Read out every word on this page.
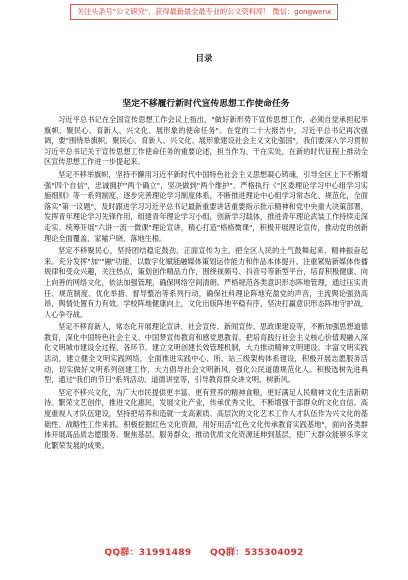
关注头条号"公文研究"，获得最新最全最专业的公文资料库！ 微信：gongwenx
目录
坚定不移履行新时代宣传思想工作使命任务

习近平总书记在全国宣传思想工作会议上指出，"做好新形势下宣传思想工作，必须自觉承担起举旗帜、聚民心、育新人、兴文化、展形象的使命任务"。在党的二十大报告中，习近平总书记再次强调，要"围绕举旗帜、聚民心、育新人、兴文化、展形象建设社会主义文化强国"，我们要深入学习贯彻习近平总书记关于宣传思想工作使命任务的重要论述，担当作为、干在实处，在新的时代征程上推动全区宣传思想工作进一步提起来。

坚定不移举旗帜，坚持不懈用习近平新时代中国特色社会主义思想凝心铸魂，引导全区上下不断增强"四个自信"，忠诚拥护"两个确立"，坚决做到"两个维护"。严格执行《"区委理论学习中心组学习实施细则》等一系列制度，逐步完善理论学习制度体系，不断推进理论中心组学习常态化、规范化，全面落实"第一议题"，及时跟进学习习近平总书记最新重要讲话重要指示批示精神和党中央重大决策部署，发挥青年理论学习先锋作用，组建青年理论学习小组，创新学习载体，推进青年理论武装工作持续走深走实。统筹开展"六讲一流一微课"理论宣讲，精心打造"格格微课"，积极开展理论宣传，推动党的创新理论全面覆盖、家喻户晓、落地生根。

坚定不移聚民心，坚持团结稳定鼓劲、正面宣传为主，把全区人民的士气鼓舞起来、精神振奋起来。充分发挥"加""融"功能，以数字化赋能融媒体策划运作能力和作品本体提升。注重紧贴新媒体传播规律和受众兴趣，关注热点，策划创作精品力作，围绕视频号、抖音号等新型平台，培育积极健康、向上向善的网络文化，依法加强管理，确保网络空间清朗。严格规范各类意识形态阵地管理，通过压实责任、规范制度、优化举措、督导整治等系列行动，确保社科理论阵地充盈党的声音，主流舆论强劲高昂，舆情处置有力有效。学校阵地健康向上，文化出版阵地平稳有序，坚决打赢意识形态阵地守护战，人心争夺战。

坚定不移育新人，常态化开展理论宣讲、社会宣传、新闻宣传、思政课建设等，不断加强思想道德教育，深化中国特色社会主义、中国梦宣传教育和感党恩教育。把培育践行社会主义核心价值观融入深化文明城市建设全过程、各环节。建立文明创建长效管理机制，大力推动精神文明建设。丰富文明实践活动，建立健全文明实践网络，全面推进实践中心、所、站三级架构体系建设，积极开展志愿服务活动，切实做好文明系列创建工作，大力倡导社会文明新风、强化公民道德规范化人。积极选树先进典型，通过"我们的节日"系列活动、道德讲堂等，引导教育群众讲文明、树新风。

坚定不移兴文化，为广大市民提供更丰富、更有营养的精神食粮，更好满足人民精神文化生活新期待。繁荣文艺创作，推进文化惠民，发展文化产业，传承优秀文化，不断增强干部群众的文化自信。高度重视人才队伍建设，坚持把培养和造就一支高素质、高层次的文化艺术工作人才队伍作为兴文化的基础性、战略性工作来抓。积极挖掘红色文化资源，用好用活"红色文化传承教育实践基地"，面向各类群体开展高品质志愿服务。聚焦基层、服务群众，推动优质文化资源延伸到基层，使广大群众能够乐享文化繁荣发展的成果。

QQ群：31991489　　QQ群：535304092
